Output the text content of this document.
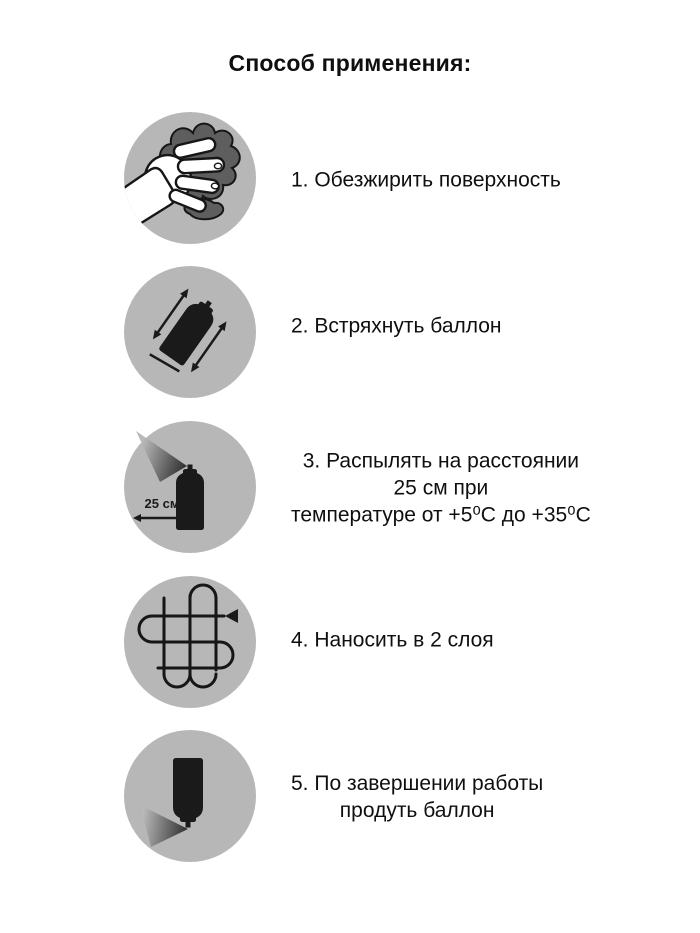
Способ применения:
1. Обезжирить поверхность
2. Встряхнуть баллон
25 см
3. Распылять на расстоянии
25 см при
температуре от +5⁰С до +35⁰С
4. Наносить в 2 слоя
5. По завершении работы
продуть баллон
